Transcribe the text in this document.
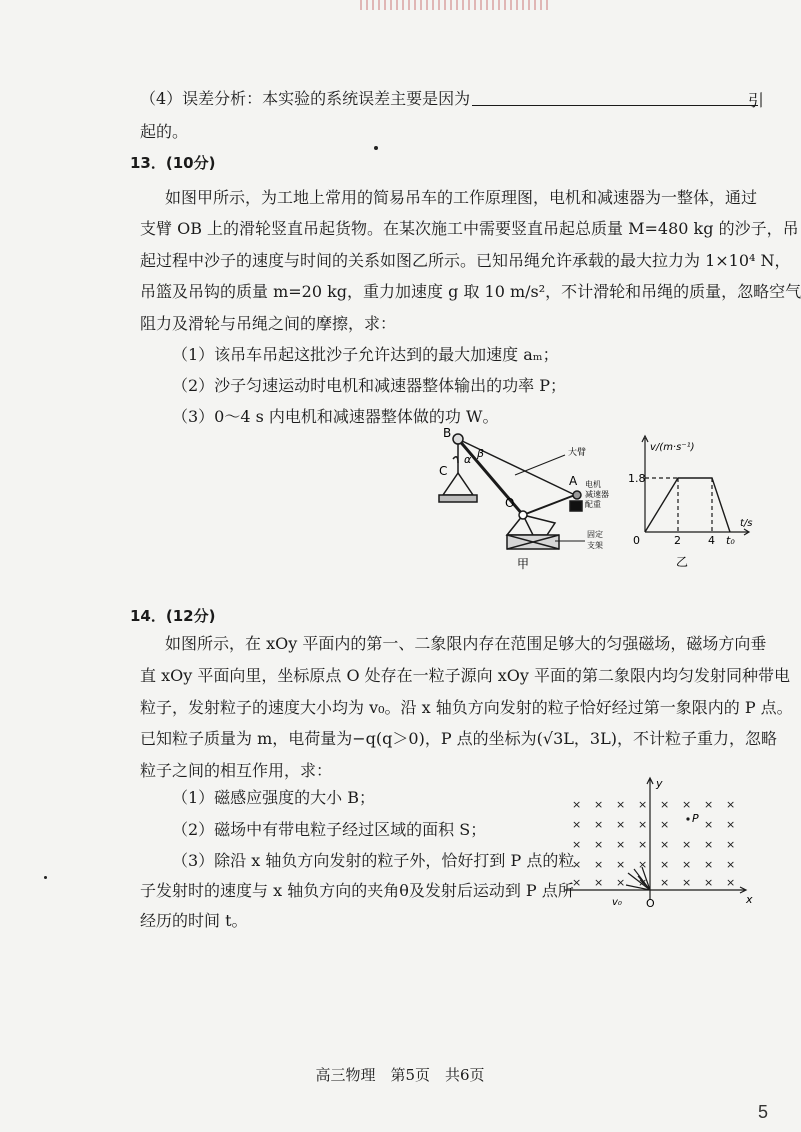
（4）误差分析：本实验的系统误差主要是因为	引
起的。
13．(10分)
如图甲所示，为工地上常用的简易吊车的工作原理图，电机和减速器为一整体，通过
支臂 OB 上的滑轮竖直吊起货物。在某次施工中需要竖直吊起总质量 M=480 kg 的沙子，吊
起过程中沙子的速度与时间的关系如图乙所示。已知吊绳允许承载的最大拉力为 1×10⁴ N，
吊篮及吊钩的质量 m=20 kg，重力加速度 g 取 10 m/s²，不计滑轮和吊绳的质量，忽略空气
阻力及滑轮与吊绳之间的摩擦，求：
（1）该吊车吊起这批沙子允许达到的最大加速度 aₘ；
（2）沙子匀速运动时电机和减速器整体输出的功率 P；
（3）0～4 s 内电机和减速器整体做的功 W。
B
C
O
A
α β	大臂
电机
减速器
配重
固定
支架
甲
v/(m·s⁻¹)
t/s
1.8
0	2 4 t₀
乙
14．(12分)
如图所示，在 xOy 平面内的第一、二象限内存在范围足够大的匀强磁场，磁场方向垂
直 xOy 平面向里，坐标原点 O 处存在一粒子源向 xOy 平面的第二象限内均匀发射同种带电
粒子，发射粒子的速度大小均为 v₀。沿 x 轴负方向发射的粒子恰好经过第一象限内的 P 点。
已知粒子质量为 m，电荷量为−q(q＞0)，P 点的坐标为(√3L，3L)，不计粒子重力，忽略
粒子之间的相互作用，求：
（1）磁感应强度的大小 B；
（2）磁场中有带电粒子经过区域的面积 S；
（3）除沿 x 轴负方向发射的粒子外，恰好打到 P 点的粒
子发射时的速度与 x 轴负方向的夹角θ及发射后运动到 P 点所
经历的时间 t。
× × × × × × × ×
× × × × ×	× ×
× × × × × × × ×
× × × × × × × ×
× × × × × × × ×
y
x
O
P
v₀
高三物理　第5页　共6页
5
